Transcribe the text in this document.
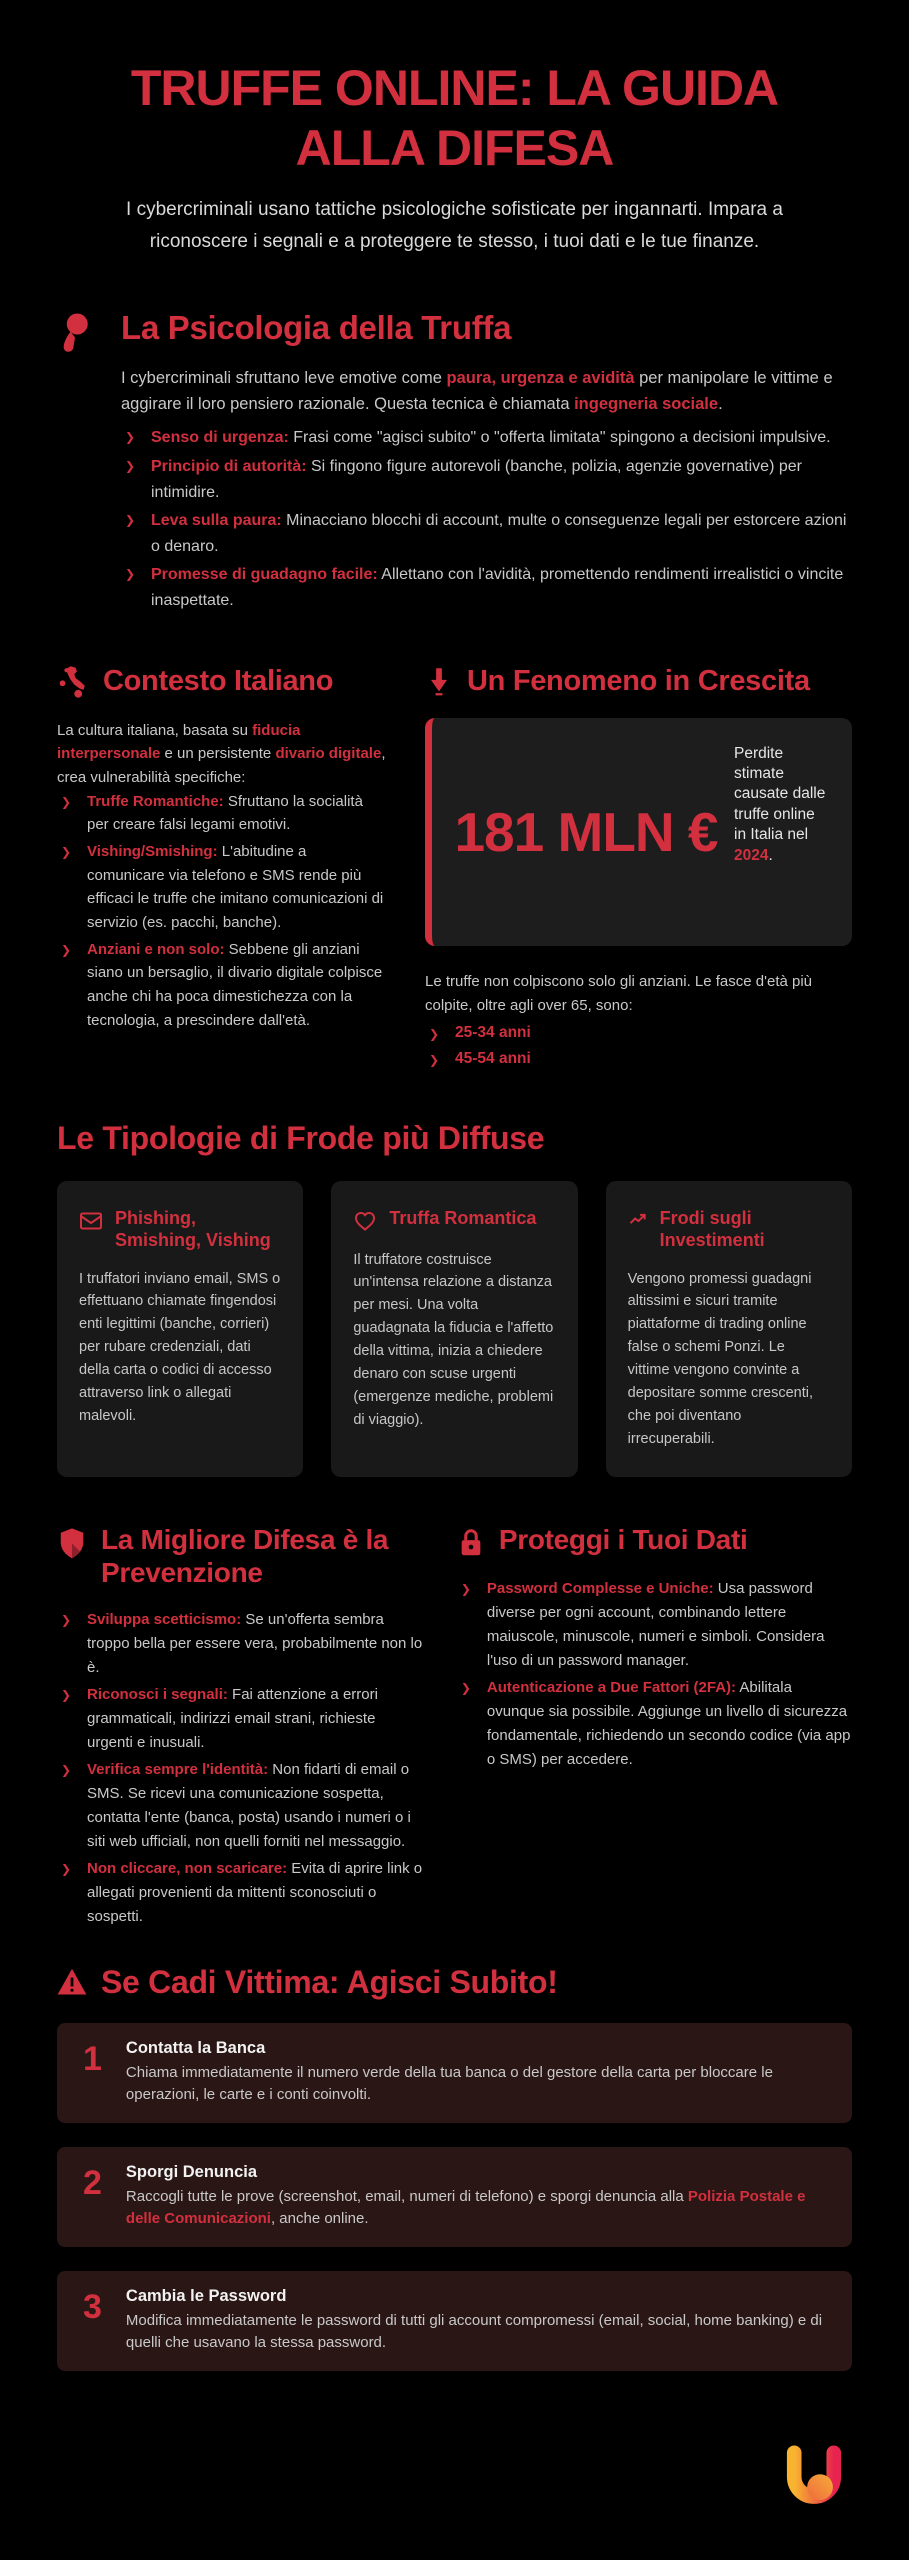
TRUFFE ONLINE: LA GUIDA
ALLA DIFESA

I cybercriminali usano tattiche psicologiche sofisticate per ingannarti. Impara a riconoscere i segnali e a proteggere te stesso, i tuoi dati e le tue finanze.

La Psicologia della Truffa

I cybercriminali sfruttano leve emotive come paura, urgenza e avidità per manipolare le vittime e aggirare il loro pensiero razionale. Questa tecnica è chiamata ingegneria sociale.

❯ Senso di urgenza: Frasi come "agisci subito" o "offerta limitata" spingono a decisioni impulsive.
❯ Principio di autorità: Si fingono figure autorevoli (banche, polizia, agenzie governative) per intimidire.
❯ Leva sulla paura: Minacciano blocchi di account, multe o conseguenze legali per estorcere azioni o denaro.
❯ Promesse di guadagno facile: Allettano con l'avidità, promettendo rendimenti irrealistici o vincite inaspettate.
Contesto Italiano

La cultura italiana, basata su fiducia interpersonale e un persistente divario digitale, crea vulnerabilità specifiche:

❯ Truffe Romantiche: Sfruttano la socialità per creare falsi legami emotivi.
❯ Vishing/Smishing: L'abitudine a comunicare via telefono e SMS rende più efficaci le truffe che imitano comunicazioni di servizio (es. pacchi, banche).
❯ Anziani e non solo: Sebbene gli anziani siano un bersaglio, il divario digitale colpisce anche chi ha poca dimestichezza con la tecnologia, a prescindere dall'età.
Un Fenomeno in Crescita
181 MLN €
Perdite stimate causate dalle truffe online in Italia nel 2024.

Le truffe non colpiscono solo gli anziani. Le fasce d'età più colpite, oltre agli over 65, sono:

❯ 25-34 anni
❯ 45-54 anni
Le Tipologie di Frode più Diffuse
Phishing, Smishing, Vishing

I truffatori inviano email, SMS o effettuano chiamate fingendosi enti legittimi (banche, corrieri) per rubare credenziali, dati della carta o codici di accesso attraverso link o allegati malevoli.

Truffa Romantica

Il truffatore costruisce un'intensa relazione a distanza per mesi. Una volta guadagnata la fiducia e l'affetto della vittima, inizia a chiedere denaro con scuse urgenti (emergenze mediche, problemi di viaggio).

Frodi sugli Investimenti

Vengono promessi guadagni altissimi e sicuri tramite piattaforme di trading online false o schemi Ponzi. Le vittime vengono convinte a depositare somme crescenti, che poi diventano irrecuperabili.

La Migliore Difesa è la Prevenzione
❯ Sviluppa scetticismo: Se un'offerta sembra troppo bella per essere vera, probabilmente non lo è.
❯ Riconosci i segnali: Fai attenzione a errori grammaticali, indirizzi email strani, richieste urgenti e inusuali.
❯ Verifica sempre l'identità: Non fidarti di email o SMS. Se ricevi una comunicazione sospetta, contatta l'ente (banca, posta) usando i numeri o i siti web ufficiali, non quelli forniti nel messaggio.
❯ Non cliccare, non scaricare: Evita di aprire link o allegati provenienti da mittenti sconosciuti o sospetti.
Proteggi i Tuoi Dati
❯ Password Complesse e Uniche: Usa password diverse per ogni account, combinando lettere maiuscole, minuscole, numeri e simboli. Considera l'uso di un password manager.
❯ Autenticazione a Due Fattori (2FA): Abilitala ovunque sia possibile. Aggiunge un livello di sicurezza fondamentale, richiedendo un secondo codice (via app o SMS) per accedere.
Se Cadi Vittima: Agisci Subito!
1 Contatta la Banca

Chiama immediatamente il numero verde della tua banca o del gestore della carta per bloccare le operazioni, le carte e i conti coinvolti.

2 Sporgi Denuncia

Raccogli tutte le prove (screenshot, email, numeri di telefono) e sporgi denuncia alla Polizia Postale e delle Comunicazioni, anche online.

3 Cambia le Password

Modifica immediatamente le password di tutti gli account compromessi (email, social, home banking) e di quelli che usavano la stessa password.
